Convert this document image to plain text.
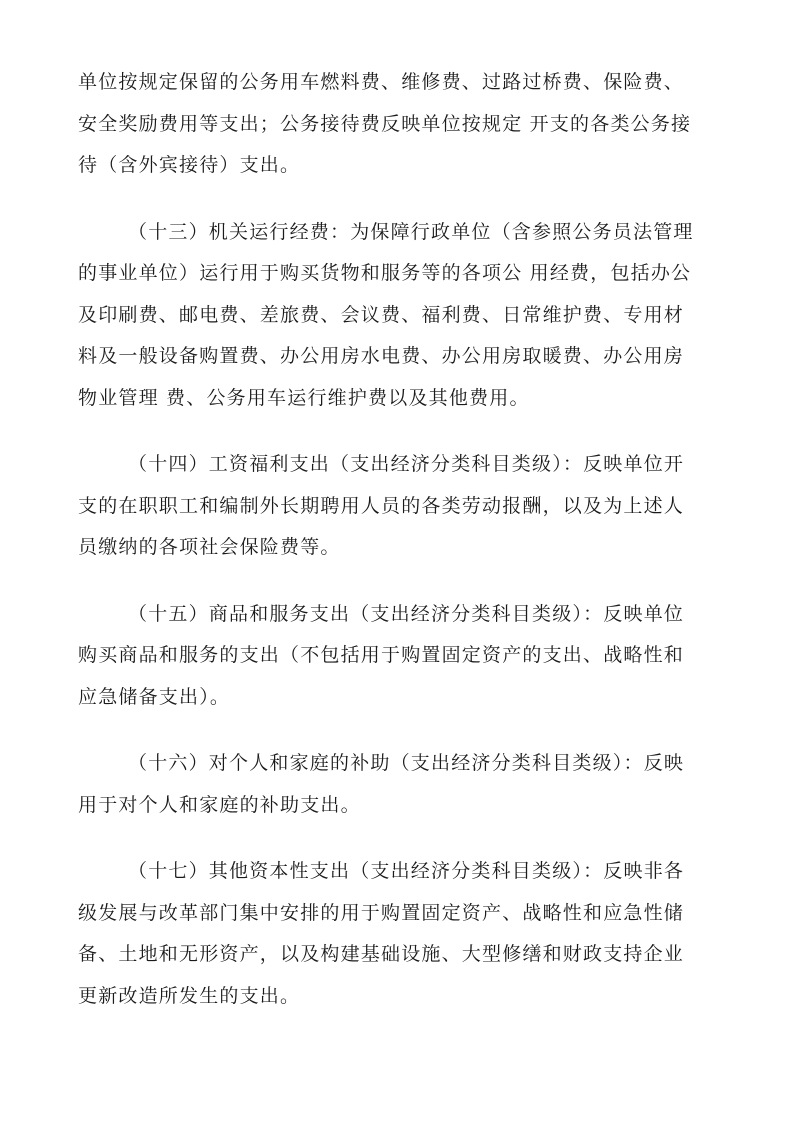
单位按规定保留的公务用车燃料费、维修费、过路过桥费、保险费、
安全奖励费用等支出；公务接待费反映单位按规定 开支的各类公务接
待（含外宾接待）支出。

（十三）机关运行经费：为保障行政单位（含参照公务员法管理
的事业单位）运行用于购买货物和服务等的各项公 用经费，包括办公
及印刷费、邮电费、差旅费、会议费、福利费、日常维护费、专用材
料及一般设备购置费、办公用房水电费、办公用房取暖费、办公用房
物业管理 费、公务用车运行维护费以及其他费用。

（十四）工资福利支出（支出经济分类科目类级）：反映单位开
支的在职职工和编制外长期聘用人员的各类劳动报酬，以及为上述人
员缴纳的各项社会保险费等。

（十五）商品和服务支出（支出经济分类科目类级）：反映单位
购买商品和服务的支出（不包括用于购置固定资产的支出、战略性和
应急储备支出）。

（十六）对个人和家庭的补助（支出经济分类科目类级）：反映
用于对个人和家庭的补助支出。

（十七）其他资本性支出（支出经济分类科目类级）：反映非各
级发展与改革部门集中安排的用于购置固定资产、战略性和应急性储
备、土地和无形资产，以及构建基础设施、大型修缮和财政支持企业
更新改造所发生的支出。
